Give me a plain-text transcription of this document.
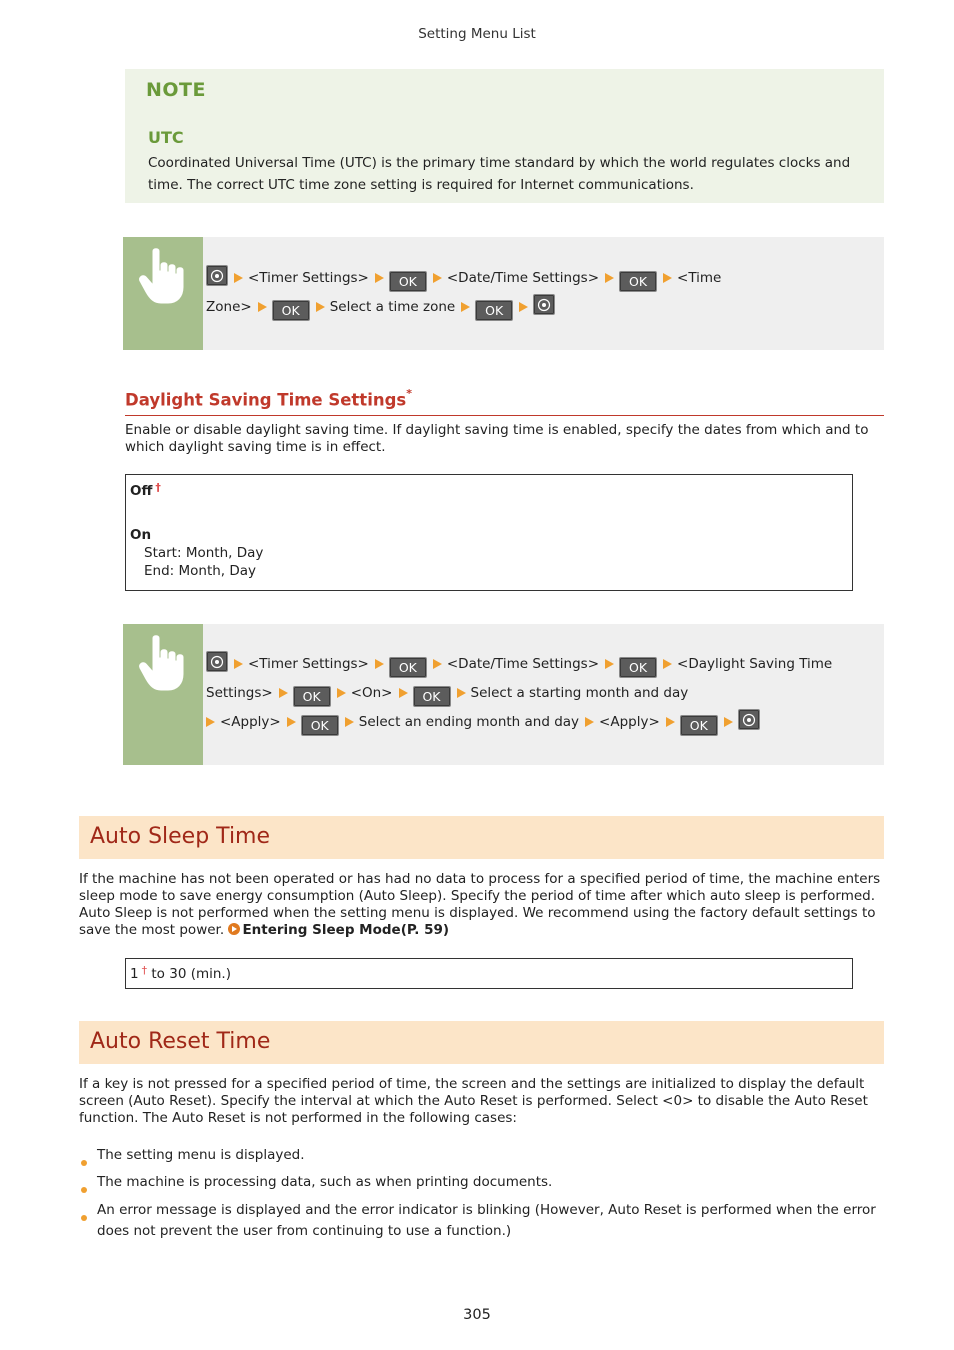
Setting Menu List
NOTE
UTC
Coordinated Universal Time (UTC) is the primary time standard by which the world regulates clocks and time. The correct UTC time zone setting is required for Internet communications.
<Timer Settings> OK <Date/Time Settings> OK <Time
Zone> OK Select a time zone OK
Daylight Saving Time Settings*
Enable or disable daylight saving time. If daylight saving time is enabled, specify the dates from which and to which daylight saving time is in effect.
Off †
On
Start: Month, Day
End: Month, Day
<Timer Settings> OK <Date/Time Settings> OK <Daylight Saving Time
Settings> OK <On> OK Select a starting month and day
<Apply> OK Select an ending month and day <Apply> OK
Auto Sleep Time
If the machine has not been operated or has had no data to process for a specified period of time, the machine enters sleep mode to save energy consumption (Auto Sleep). Specify the period of time after which auto sleep is performed. Auto Sleep is not performed when the setting menu is displayed. We recommend using the factory default settings to save the most power. Entering Sleep Mode(P. 59)
1 † to 30 (min.)
Auto Reset Time
If a key is not pressed for a specified period of time, the screen and the settings are initialized to display the default screen (Auto Reset). Specify the interval at which the Auto Reset is performed. Select <0> to disable the Auto Reset function. The Auto Reset is not performed in the following cases:
The setting menu is displayed.
The machine is processing data, such as when printing documents.
An error message is displayed and the error indicator is blinking (However, Auto Reset is performed when the error does not prevent the user from continuing to use a function.)
305
